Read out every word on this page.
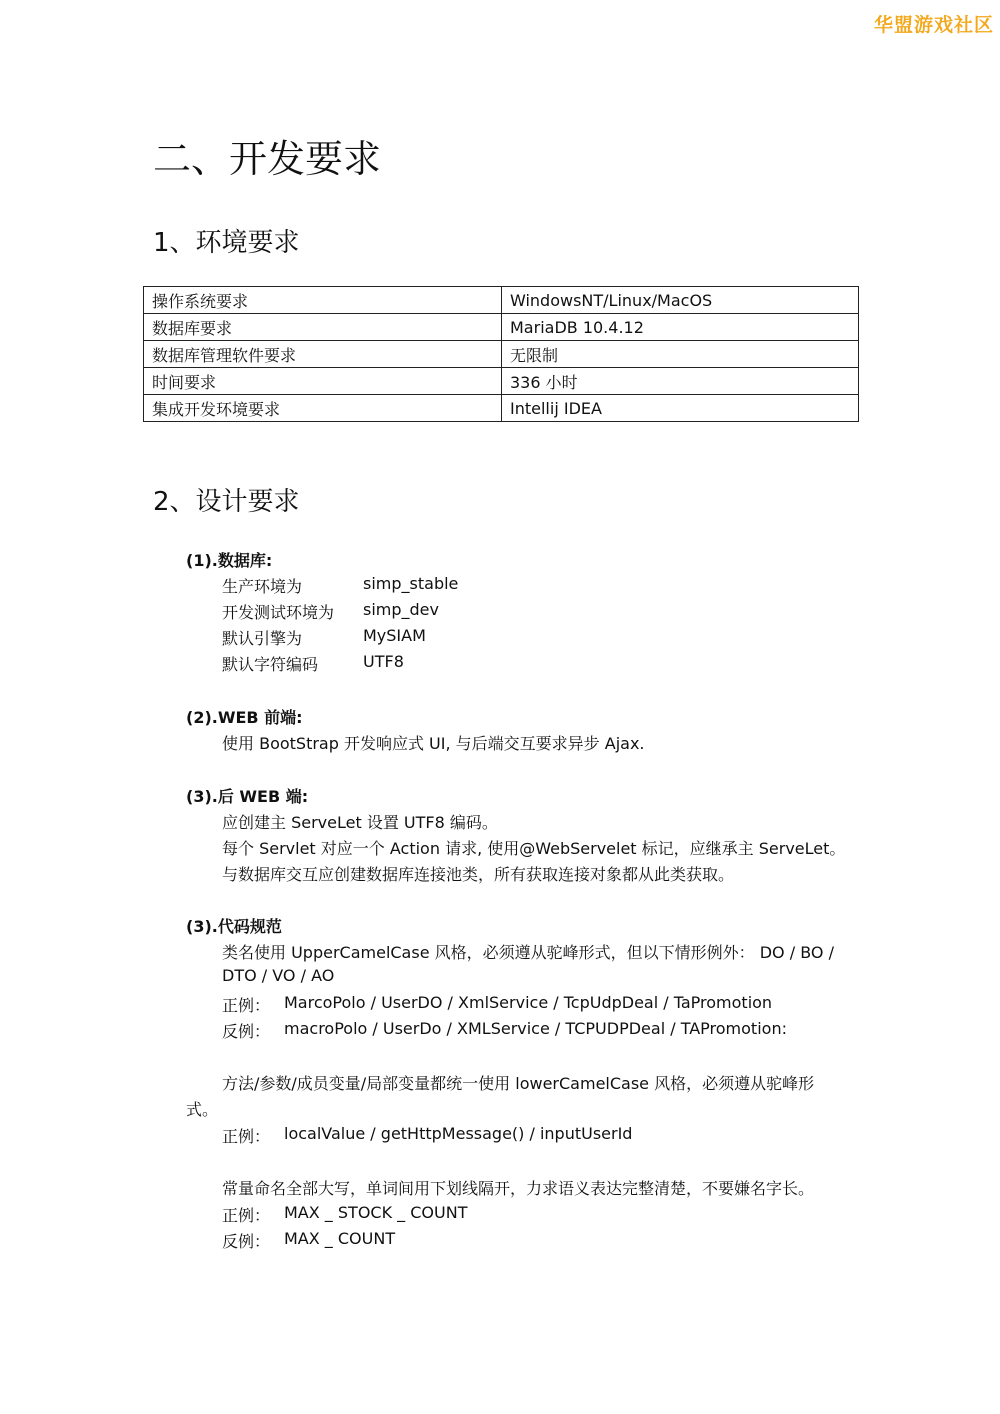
华盟游戏社区
二、开发要求
1、环境要求
操作系统要求	WindowsNT/Linux/MacOS
数据库要求	MariaDB 10.4.12
数据库管理软件要求	无限制
时间要求	336 小时
集成开发环境要求	Intellij IDEA
2、设计要求
(1).数据库:
生产环境为	simp_stable
开发测试环境为 simp_dev
默认引擎为	MySIAM
默认字符编码	UTF8
(2).WEB 前端:
使用 BootStrap 开发响应式 UI, 与后端交互要求异步 Ajax.
(3).后 WEB 端:
应创建主 ServeLet 设置 UTF8 编码。
每个 Servlet 对应一个 Action 请求, 使用@WebServelet 标记，应继承主 ServeLet。
与数据库交互应创建数据库连接池类，所有获取连接对象都从此类获取。
(3).代码规范
类名使用 UpperCamelCase 风格，必须遵从驼峰形式，但以下情形例外： DO / BO /
DTO / VO / AO
正例： MarcoPolo / UserDO / XmlService / TcpUdpDeal / TaPromotion
反例： macroPolo / UserDo / XMLService / TCPUDPDeal / TAPromotion:
方法/参数/成员变量/局部变量都统一使用 lowerCamelCase 风格，必须遵从驼峰形
式。
正例： localValue / getHttpMessage() / inputUserId
常量命名全部大写，单词间用下划线隔开，力求语义表达完整清楚，不要嫌名字长。
正例： MAX _ STOCK _ COUNT
反例： MAX _ COUNT
